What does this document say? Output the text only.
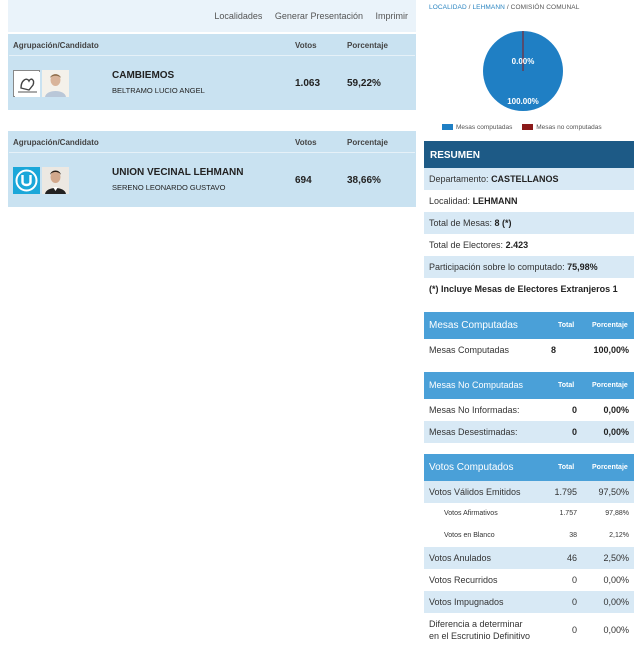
Localidades Generar Presentación Imprimir
Agrupación/Candidato	Votos	Porcentaje
CAMBIEMOS
BELTRAMO LUCIO ANGEL
1.063	59,22%
Agrupación/Candidato	Votos	Porcentaje
UNION VECINAL LEHMANN
SERENO LEONARDO GUSTAVO
694	38,66%
LOCALIDAD / LEHMANN / COMISIÓN COMUNAL
0.00%
100.00%
Mesas computadas	Mesas no computadas
RESUMEN
Departamento: CASTELLANOS
Localidad: LEHMANN
Total de Mesas: 8 (*)
Total de Electores: 2.423
Participación sobre lo computado: 75,98%
(*) Incluye Mesas de Electores Extranjeros 1
Mesas Computadas	Total	Porcentaje
Mesas Computadas	8	100,00%
Mesas No Computadas	Total	Porcentaje
Mesas No Informadas:	0	0,00%
Mesas Desestimadas:	0	0,00%
Votos Computados	Total	Porcentaje
Votos Válidos Emitidos	1.795 97,50%
Votos Afirmativos	1.757	97,88%
Votos en Blanco	38	2,12%
Votos Anulados	46	2,50%
Votos Recurridos	0	0,00%
Votos Impugnados	0	0,00%
Diferencia a determinar
en el Escrutinio Definitivo
0	0,00%
